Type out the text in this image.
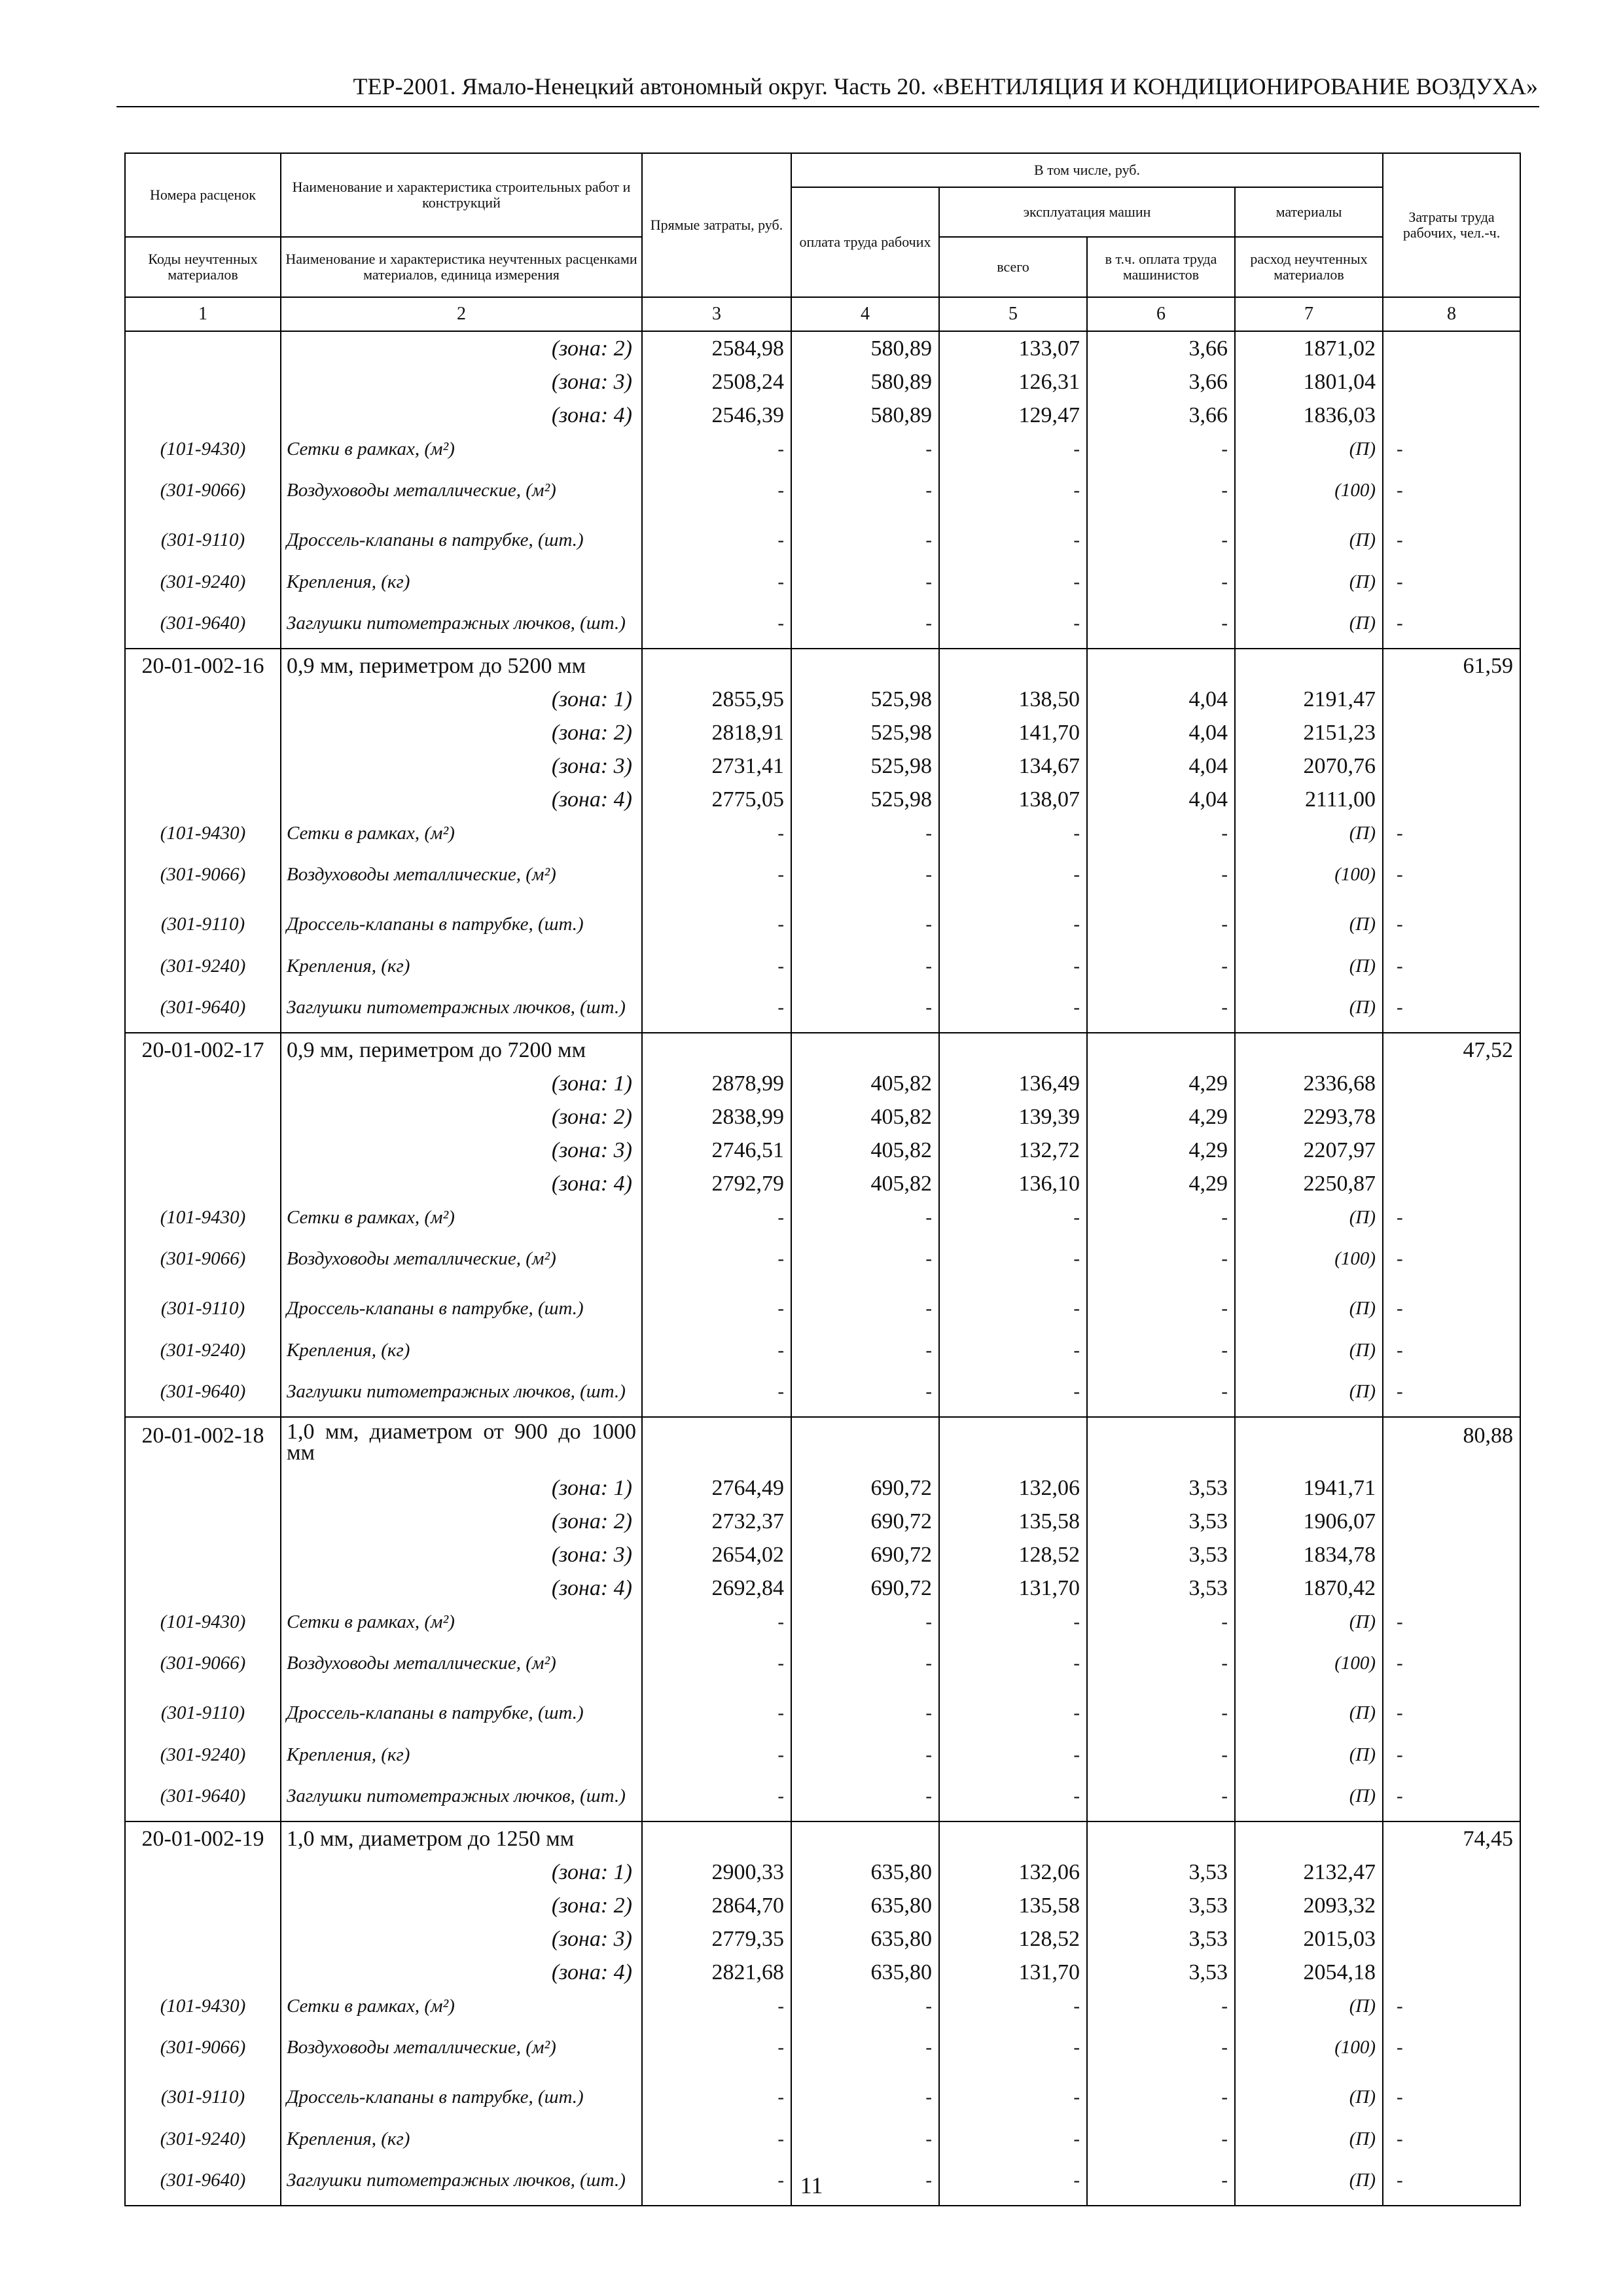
ТЕР-2001. Ямало-Ненецкий автономный округ. Часть 20. «ВЕНТИЛЯЦИЯ И КОНДИЦИОНИРОВАНИЕ ВОЗДУХА»
Номера расценок	Наименование и характеристика строительных работ и конструкций	Прямые затраты, руб.	В том числе, руб.				Затраты труда рабочих, чел.-ч.
			оплата труда рабочих	эксплуатация машин		материалы	
Коды неучтенных материалов	Наименование и характеристика неучтенных расценками материалов, единица измерения			всего	в т.ч. оплата труда машинистов	расход неучтенных материалов	
1	2	3	4	5	6	7	8
	(зона: 2)	2584,98	580,89	133,07	3,66	1871,02	
	(зона: 3)	2508,24	580,89	126,31	3,66	1801,04	
	(зона: 4)	2546,39	580,89	129,47	3,66	1836,03	
(101-9430)	Сетки в рамках, (м²)	-	-	-	-	(П)	-
(301-9066)	Воздуховоды металлические, (м²)	-	-	-	-	(100)	-
(301-9110)	Дроссель-клапаны в патрубке, (шт.)	-	-	-	-	(П)	-
(301-9240)	Крепления, (кг)	-	-	-	-	(П)	-
(301-9640)	Заглушки питометражных лючков, (шт.)	-	-	-	-	(П)	-
20-01-002-16	0,9 мм, периметром до 5200 мм						61,59
	(зона: 1)	2855,95	525,98	138,50	4,04	2191,47	
	(зона: 2)	2818,91	525,98	141,70	4,04	2151,23	
	(зона: 3)	2731,41	525,98	134,67	4,04	2070,76	
	(зона: 4)	2775,05	525,98	138,07	4,04	2111,00	
(101-9430)	Сетки в рамках, (м²)	-	-	-	-	(П)	-
(301-9066)	Воздуховоды металлические, (м²)	-	-	-	-	(100)	-
(301-9110)	Дроссель-клапаны в патрубке, (шт.)	-	-	-	-	(П)	-
(301-9240)	Крепления, (кг)	-	-	-	-	(П)	-
(301-9640)	Заглушки питометражных лючков, (шт.)	-	-	-	-	(П)	-
20-01-002-17	0,9 мм, периметром до 7200 мм						47,52
	(зона: 1)	2878,99	405,82	136,49	4,29	2336,68	
	(зона: 2)	2838,99	405,82	139,39	4,29	2293,78	
	(зона: 3)	2746,51	405,82	132,72	4,29	2207,97	
	(зона: 4)	2792,79	405,82	136,10	4,29	2250,87	
(101-9430)	Сетки в рамках, (м²)	-	-	-	-	(П)	-
(301-9066)	Воздуховоды металлические, (м²)	-	-	-	-	(100)	-
(301-9110)	Дроссель-клапаны в патрубке, (шт.)	-	-	-	-	(П)	-
(301-9240)	Крепления, (кг)	-	-	-	-	(П)	-
(301-9640)	Заглушки питометражных лючков, (шт.)	-	-	-	-	(П)	-
20-01-002-18	1,0 мм, диаметром от 900 до 1000 мм						80,88
	(зона: 1)	2764,49	690,72	132,06	3,53	1941,71	
	(зона: 2)	2732,37	690,72	135,58	3,53	1906,07	
	(зона: 3)	2654,02	690,72	128,52	3,53	1834,78	
	(зона: 4)	2692,84	690,72	131,70	3,53	1870,42	
(101-9430)	Сетки в рамках, (м²)	-	-	-	-	(П)	-
(301-9066)	Воздуховоды металлические, (м²)	-	-	-	-	(100)	-
(301-9110)	Дроссель-клапаны в патрубке, (шт.)	-	-	-	-	(П)	-
(301-9240)	Крепления, (кг)	-	-	-	-	(П)	-
(301-9640)	Заглушки питометражных лючков, (шт.)	-	-	-	-	(П)	-
20-01-002-19	1,0 мм, диаметром до 1250 мм						74,45
	(зона: 1)	2900,33	635,80	132,06	3,53	2132,47	
	(зона: 2)	2864,70	635,80	135,58	3,53	2093,32	
	(зона: 3)	2779,35	635,80	128,52	3,53	2015,03	
	(зона: 4)	2821,68	635,80	131,70	3,53	2054,18	
(101-9430)	Сетки в рамках, (м²)	-	-	-	-	(П)	-
(301-9066)	Воздуховоды металлические, (м²)	-	-	-	-	(100)	-
(301-9110)	Дроссель-клапаны в патрубке, (шт.)	-	-	-	-	(П)	-
(301-9240)	Крепления, (кг)	-	-	-	-	(П)	-
(301-9640)	Заглушки питометражных лючков, (шт.)	-	-	-	-	(П)	-
11
